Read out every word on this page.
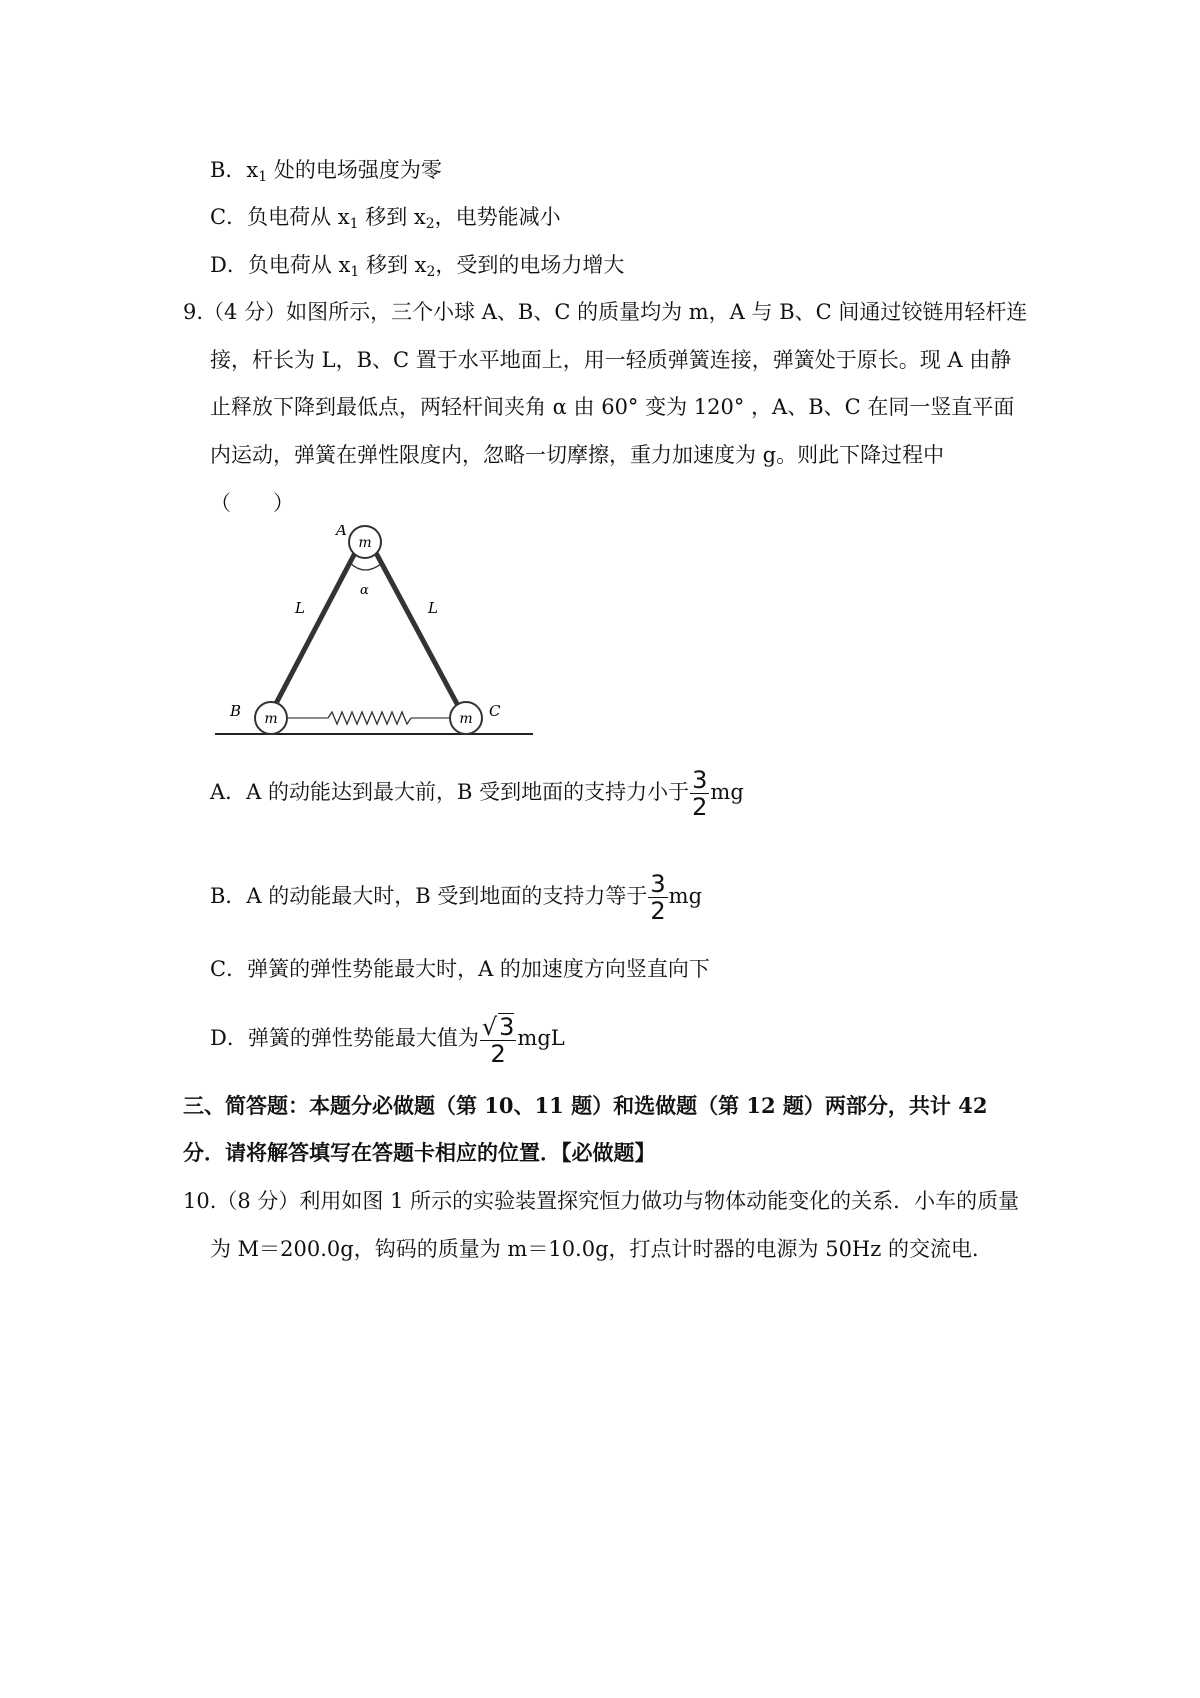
B．$x_1$ 处的电场强度为零
C．负电荷从 $x_1$ 移到 $x_2$，电势能减小
D．负电荷从 $x_1$ 移到 $x_2$，受到的电场力增大
9.（4 分）如图所示，三个小球 A、B、C 的质量均为 m，A 与 B、C 间通过铰链用轻杆连
接，杆长为 L，B、C 置于水平地面上，用一轻质弹簧连接，弹簧处于原长。现 A 由静
止释放下降到最低点，两轻杆间夹角 α 由 60° 变为 120° ，A、B、C 在同一竖直平面
内运动，弹簧在弹性限度内，忽略一切摩擦，重力加速度为 g。则此下降过程中
（　　）
m
m	m
A
B	C
L	L
α
A．A 的动能达到最大前，B 受到地面的支持力小于 $\frac{3}{2}$ mg
B．A 的动能最大时，B 受到地面的支持力等于 $\frac{3}{2}$ mg
C．弹簧的弹性势能最大时，A 的加速度方向竖直向下
D．弹簧的弹性势能最大值为 $\frac{√3}{2}$ mgL
三、简答题：本题分必做题（第 10、11 题）和选做题（第 12 题）两部分，共计 42
分．请将解答填写在答题卡相应的位置．【必做题】
10.（8 分）利用如图 1 所示的实验装置探究恒力做功与物体动能变化的关系．小车的质量
为 M＝200.0g，钩码的质量为 m＝10.0g，打点计时器的电源为 50Hz 的交流电．
